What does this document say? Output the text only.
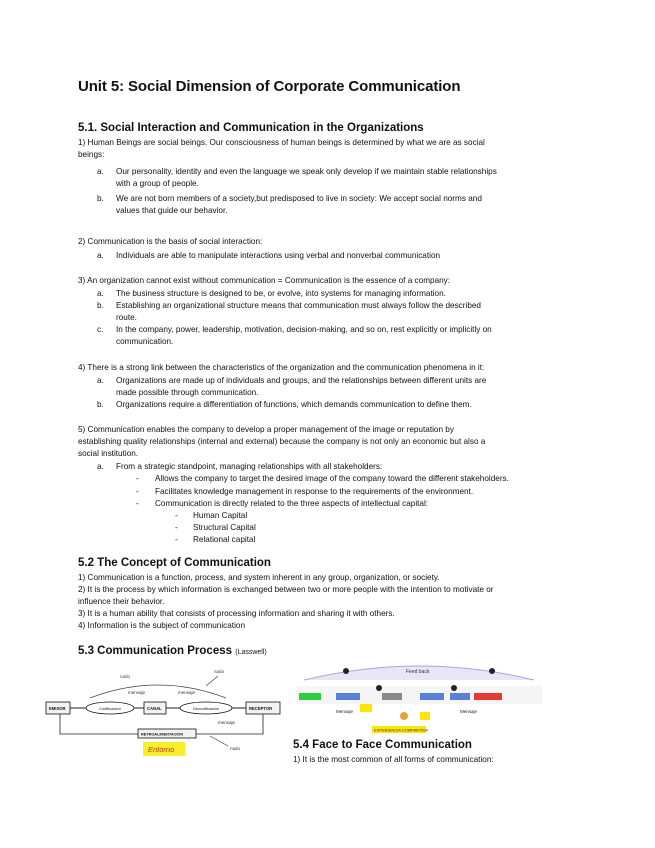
Unit 5: Social Dimension of Corporate Communication
5.1. Social Interaction and Communication in the Organizations
1) Human Beings are social beings. Our consciousness of human beings is determined by what we are as social
beings:
a. Our personality, identity and even the language we speak only develop if we maintain stable relationships
with a group of people.
b. We are not born members of a society,but predisposed to live in society: We accept social norms and
values that guide our behavior.
2) Communication is the basis of social interaction:
a. Individuals are able to manipulate interactions using verbal and nonverbal communication
3) An organization cannot exist without communication = Communication is the essence of a company:
a. The business structure is designed to be, or evolve, into systems for managing information.
b. Establishing an organizational structure means that communication must always follow the described
route.
c. In the company, power, leadership, motivation, decision-making, and so on, rest explicitly or implicitly on
communication.
4) There is a strong link between the characteristics of the organization and the communication phenomena in it:
a. Organizations are made up of individuals and groups, and the relationships between different units are
made possible through communication.
b. Organizations require a differentiation of functions, which demands communication to define them.
5) Communication enables the company to develop a proper management of the image or reputation by
establishing quality relationships (internal and external) because the company is not only an economic but also a
social institution.
a. From a strategic standpoint, managing relationships with all stakeholders:
- Allows the company to target the desired image of the company toward the different stakeholders.
- Facilitates knowledge management in response to the requirements of the environment.
- Communication is directly related to the three aspects of intellectual capital:
- Human Capital
- Structural Capital
- Relational capital
5.2 The Concept of Communication
1) Communication is a function, process, and system inherent in any group, organization, or society.
2) It is the process by which information is exchanged between two or more people with the intention to motivate or
influence their behavior.
3) It is a human ability that consists of processing information and sharing it with others.
4) Information is the subject of communication
5.3 Communication Process (Lasswell)
ruido
ruido
mensaje	mensaje
EMISOR	Codificación	CANAL	Decodificación	RECEPTOR
mensaje
RETROALIMENTACION
Entorno	ruido
Feed back
Mensaje	Mensaje
EXPERIENCIA COMPARTIDA
5.4 Face to Face Communication
1) It is the most common of all forms of communication:
